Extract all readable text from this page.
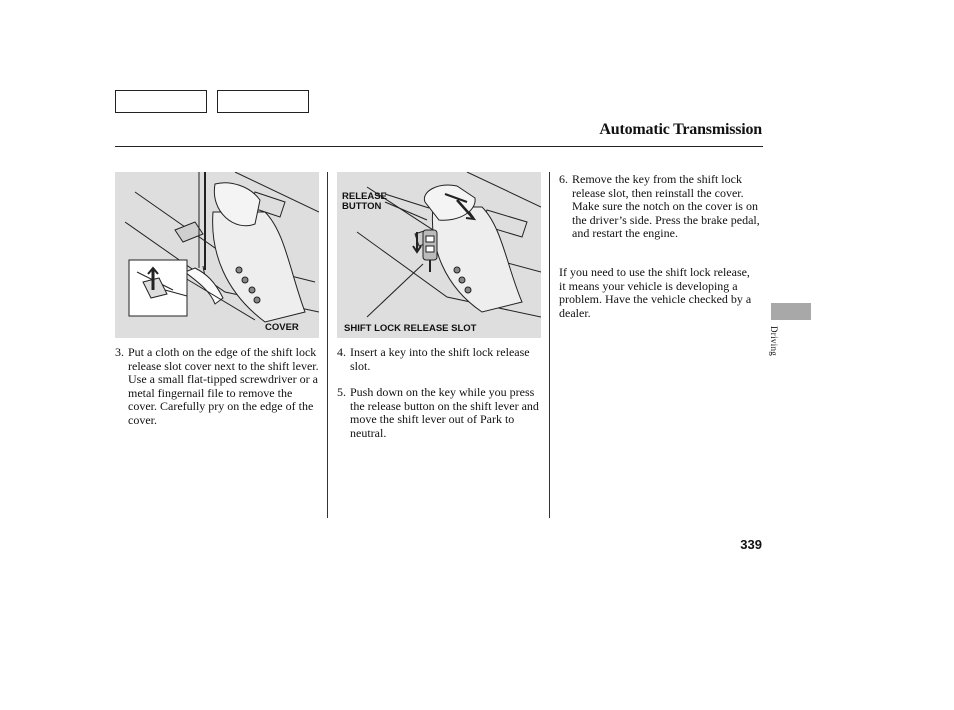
Automatic Transmission
COVER
RELEASE
BUTTON
SHIFT LOCK RELEASE SLOT
3. Put a cloth on the edge of the shift lock release slot cover next to the shift lever. Use a small flat-tipped screwdriver or a metal fingernail file to remove the cover. Carefully pry on the edge of the cover.
4. Insert a key into the shift lock release slot.
5. Push down on the key while you press the release button on the shift lever and move the shift lever out of Park to neutral.
6. Remove the key from the shift lock release slot, then reinstall the cover. Make sure the notch on the cover is on the driver’s side. Press the brake pedal, and restart the engine.
If you need to use the shift lock release, it means your vehicle is developing a problem. Have the vehicle checked by a dealer.
Driving
339
